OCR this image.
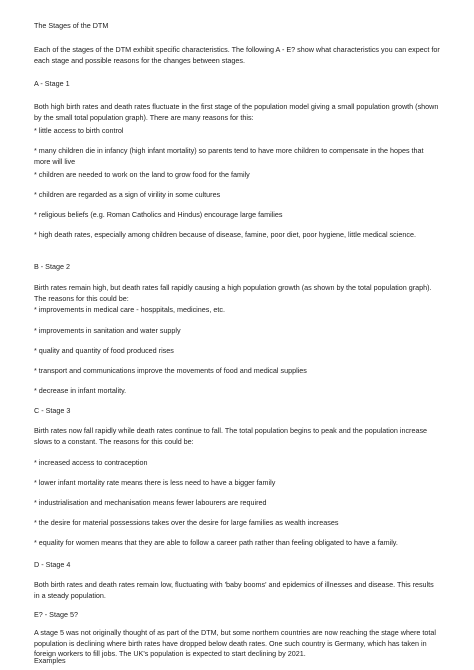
The Stages of the DTM

Each of the stages of the DTM exhibit specific characteristics. The following A - E? show what characteristics you can expect for each stage and possible reasons for the changes between stages.

A - Stage 1

Both high birth rates and death rates fluctuate in the first stage of the population model giving a small population growth (shown by the small total population graph). There are many reasons for this:

* little access to birth control

* many children die in infancy (high infant mortality) so parents tend to have more children to compensate in the hopes that more will live

* children are needed to work on the land to grow food for the family

* children are regarded as a sign of virility in some cultures

* religious beliefs (e.g. Roman Catholics and Hindus) encourage large families

* high death rates, especially among children because of disease, famine, poor diet, poor hygiene, little medical science.

B - Stage 2

Birth rates remain high, but death rates fall rapidly causing a high population growth (as shown by the total population graph). The reasons for this could be:

* improvements in medical care - hosppitals, medicines, etc.

* improvements in sanitation and water supply

* quality and quantity of food produced rises

* transport and communications improve the movements of food and medical supplies

* decrease in infant mortality.

C - Stage 3

Birth rates now fall rapidly while death rates continue to fall. The total population begins to peak and the population increase slows to a constant. The reasons for this could be:

* increased access to contraception

* lower infant mortality rate means there is less need to have a bigger family

* industrialisation and mechanisation means fewer labourers are required

* the desire for material possessions takes over the desire for large families as wealth increases

* equality for women means that they are able to follow a career path rather than feeling obligated to have a family.

D - Stage 4

Both birth rates and death rates remain low, fluctuating with 'baby booms' and epidemics of illnesses and disease. This results in a steady population.

E? - Stage 5?

A stage 5 was not originally thought of as part of the DTM, but some northern countries are now reaching the stage where total population is declining where birth rates have dropped below death rates. One such country is Germany, which has taken in foreign workers to fill jobs. The UK's population is expected to start declining by 2021.

Examples
